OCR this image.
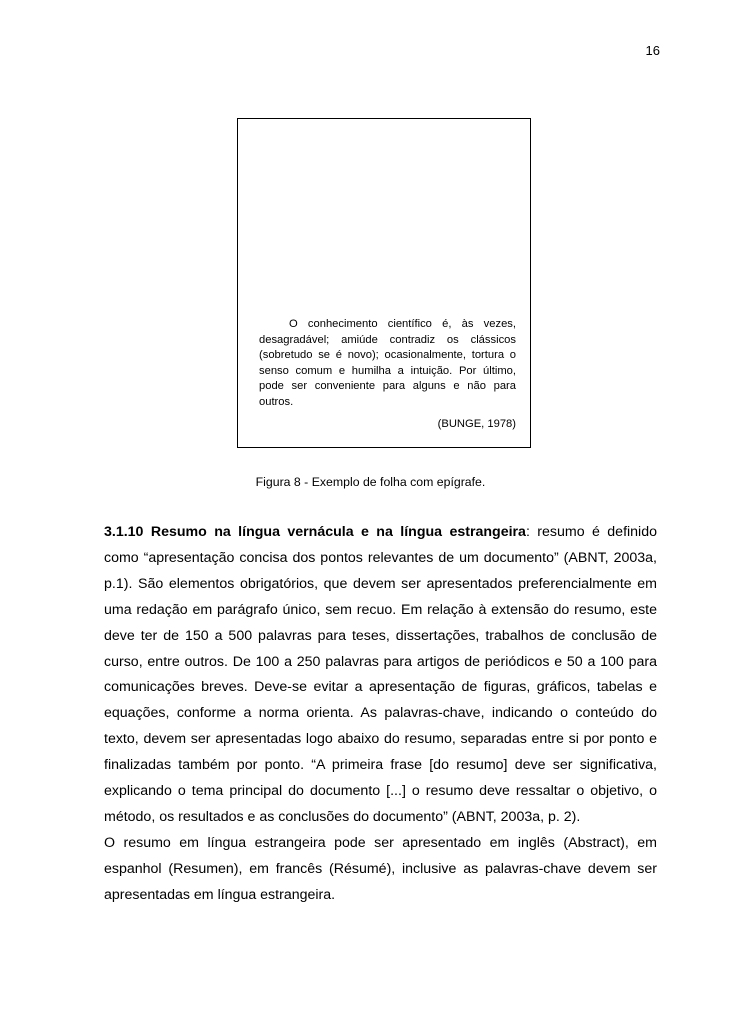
16
O conhecimento científico é, às vezes, desagradável; amiúde contradiz os clássicos (sobretudo se é novo); ocasionalmente, tortura o senso comum e humilha a intuição. Por último, pode ser conveniente para alguns e não para outros.
(BUNGE, 1978)
Figura 8 - Exemplo de folha com epígrafe.

3.1.10 Resumo na língua vernácula e na língua estrangeira: resumo é definido como “apresentação concisa dos pontos relevantes de um documento” (ABNT, 2003a, p.1). São elementos obrigatórios, que devem ser apresentados preferencialmente em uma redação em parágrafo único, sem recuo. Em relação à extensão do resumo, este deve ter de 150 a 500 palavras para teses, dissertações, trabalhos de conclusão de curso, entre outros. De 100 a 250 palavras para artigos de periódicos e 50 a 100 para comunicações breves. Deve-se evitar a apresentação de figuras, gráficos, tabelas e equações, conforme a norma orienta. As palavras-chave, indicando o conteúdo do texto, devem ser apresentadas logo abaixo do resumo, separadas entre si por ponto e finalizadas também por ponto. “A primeira frase [do resumo] deve ser significativa, explicando o tema principal do documento [...] o resumo deve ressaltar o objetivo, o método, os resultados e as conclusões do documento” (ABNT, 2003a, p. 2).

O resumo em língua estrangeira pode ser apresentado em inglês (Abstract), em espanhol (Resumen), em francês (Résumé), inclusive as palavras-chave devem ser apresentadas em língua estrangeira.
